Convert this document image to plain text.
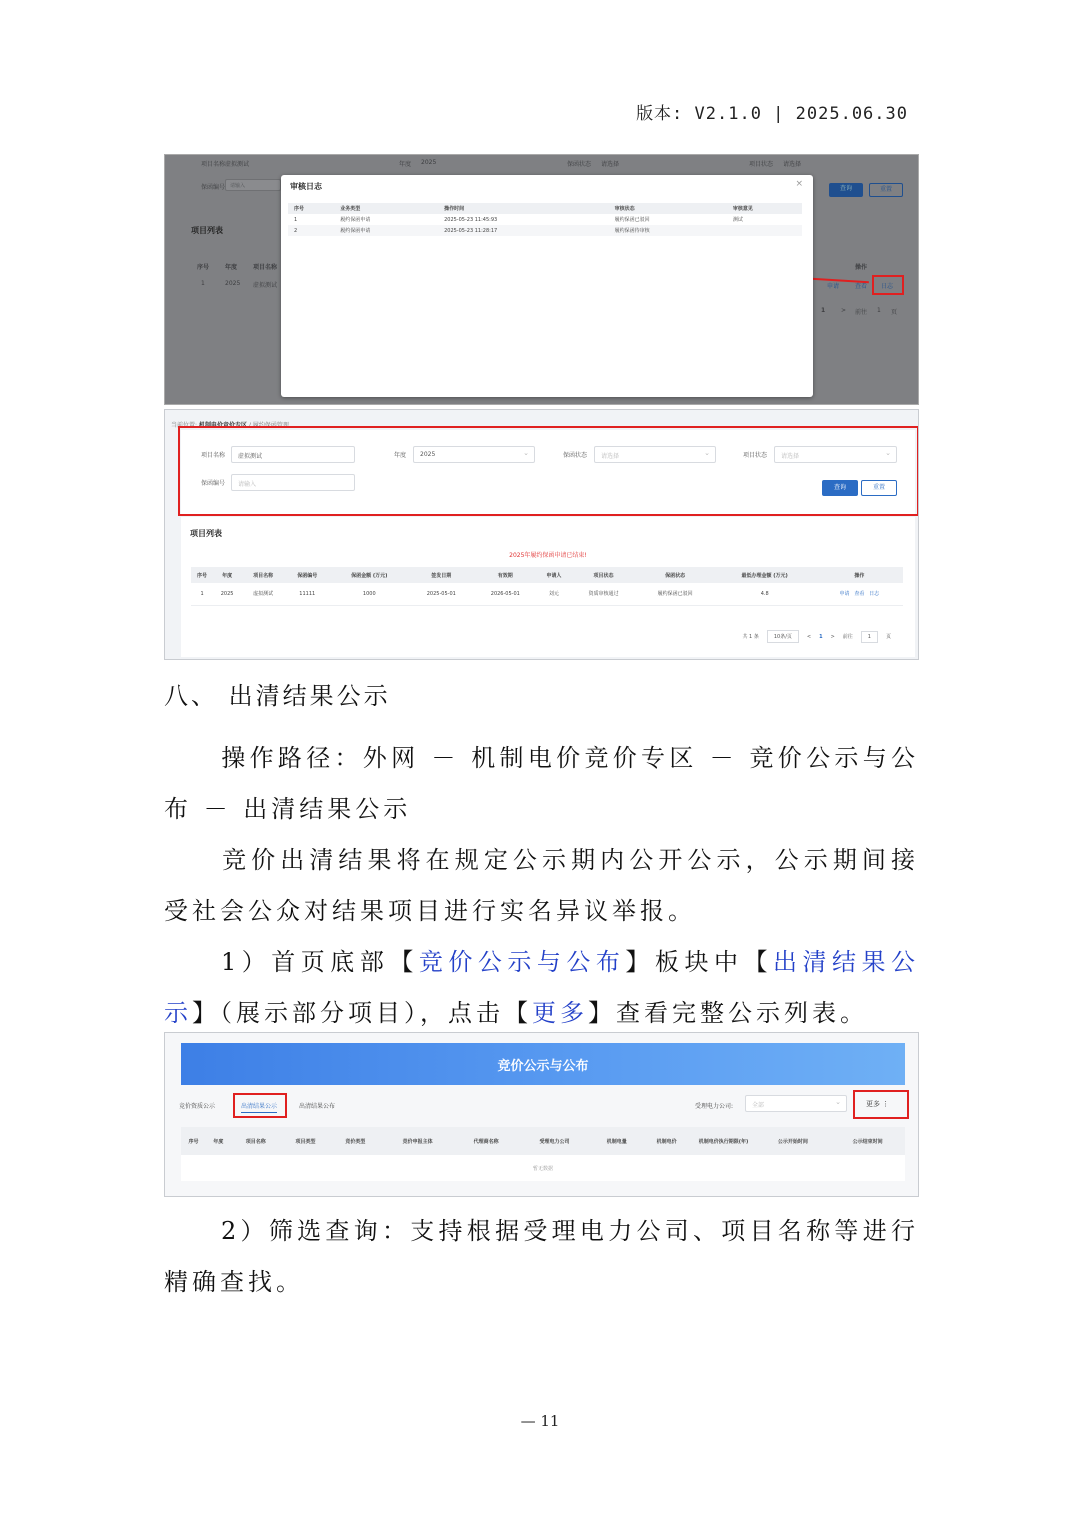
版本: V2.1.0 | 2025.06.30
项目名称 虚拟测试	年度 2025	保函状态 请选择	项目状态 请选择
保函编号 请输入	查询	重置
项目列表
序号	年度	项目名称
1	2025 虚拟测试
操作
申请	查看 日志
1	> 前往 1 页
审核日志	×
序号	业务类型	操作时间	审核状态	审核意见
1	履约保函申请	2025-05-23 11:45:93	履约保函已驳回	测试
2	履约保函申请	2025-05-23 11:28:17	履约保函待审核	
当前位置: 机制电价竞价专区 / 履约保函管理
项目名称	虚拟测试	年度	2025	⌄	保函状态	请选择	⌄	项目状态	请选择	⌄
保函编号	请输入	查询	重置
项目列表
2025年履约保函申请已结束!
序号	年度	项目名称	保函编号	保函金额 (万元)	签发日期	有效期	申请人	项目状态	保函状态	最低办理金额 (万元)	操作
1	2025	虚拟测试	11111	1000	2025-05-01	2026-05-01	刘元	资质审核通过	履约保函已驳回	4.8	申请 查看 日志
共 1 条	10条/页	< 1 > 前往	1	页
八、 出清结果公示
操作路径：外网 － 机制电价竞价专区 － 竞价公示与公布 － 出清结果公示
竞价出清结果将在规定公示期内公开公示，公示期间接受社会公众对结果项目进行实名异议举报。
1）首页底部【竞价公示与公布】板块中【出清结果公示】（展示部分项目），点击【更多】查看完整公示列表。
竞价公示与公布
竞价资质公示	出清结果公示	出清结果公布	受理电力公司:	全部	⌄	更多 ⋮
序号	年度	项目名称	项目类型	竞价类型	竞价申报主体	代理商名称	受理电力公司	机制电量	机制电价	机制电价执行期限(年)	公示开始时间	公示结束时间
暂无数据
2）筛选查询：支持根据受理电力公司、项目名称等进行精确查找。
— 11
